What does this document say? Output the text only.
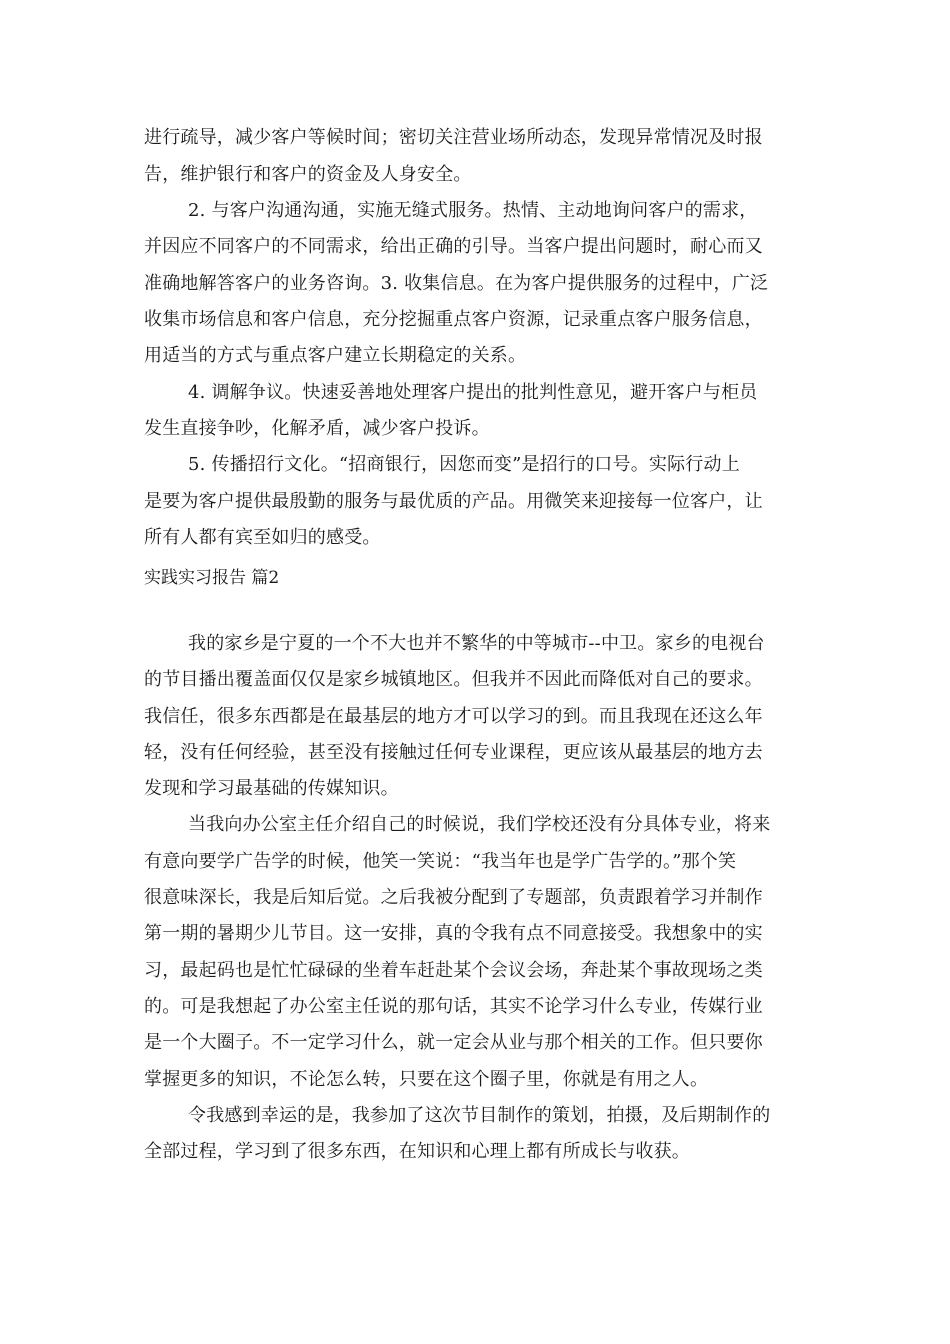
进行疏导，减少客户等候时间；密切关注营业场所动态，发现异常情况及时报
告，维护银行和客户的资金及人身安全。
2. 与客户沟通沟通，实施无缝式服务。热情、主动地询问客户的需求，
并因应不同客户的不同需求，给出正确的引导。当客户提出问题时，耐心而又
准确地解答客户的业务咨询。3. 收集信息。在为客户提供服务的过程中，广泛
收集市场信息和客户信息，充分挖掘重点客户资源，记录重点客户服务信息，
用适当的方式与重点客户建立长期稳定的关系。
4. 调解争议。快速妥善地处理客户提出的批判性意见，避开客户与柜员
发生直接争吵，化解矛盾，减少客户投诉。
5. 传播招行文化。“招商银行，因您而变”是招行的口号。实际行动上
是要为客户提供最殷勤的服务与最优质的产品。用微笑来迎接每一位客户，让
所有人都有宾至如归的感受。
实践实习报告 篇2
我的家乡是宁夏的一个不大也并不繁华的中等城市--中卫。家乡的电视台
的节目播出覆盖面仅仅是家乡城镇地区。但我并不因此而降低对自己的要求。
我信任，很多东西都是在最基层的地方才可以学习的到。而且我现在还这么年
轻，没有任何经验，甚至没有接触过任何专业课程，更应该从最基层的地方去
发现和学习最基础的传媒知识。
当我向办公室主任介绍自己的时候说，我们学校还没有分具体专业，将来
有意向要学广告学的时候，他笑一笑说：“我当年也是学广告学的。”那个笑
很意味深长，我是后知后觉。之后我被分配到了专题部，负责跟着学习并制作
第一期的暑期少儿节目。这一安排，真的令我有点不同意接受。我想象中的实
习，最起码也是忙忙碌碌的坐着车赶赴某个会议会场，奔赴某个事故现场之类
的。可是我想起了办公室主任说的那句话，其实不论学习什么专业，传媒行业
是一个大圈子。不一定学习什么，就一定会从业与那个相关的工作。但只要你
掌握更多的知识，不论怎么转，只要在这个圈子里，你就是有用之人。
令我感到幸运的是，我参加了这次节目制作的策划，拍摄，及后期制作的
全部过程，学习到了很多东西，在知识和心理上都有所成长与收获。
